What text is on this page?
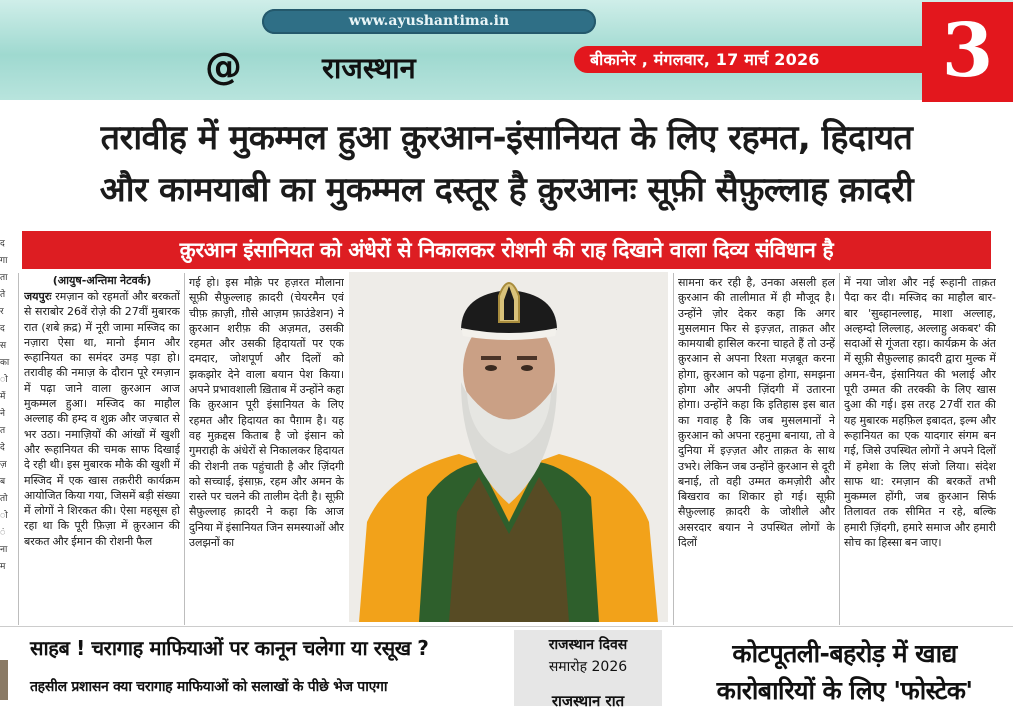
www.ayushantima.in
@	राजस्थान	बीकानेर , मंगलवार, 17 मार्च 2026 3
तरावीह में मुकम्मल हुआ क़ुरआन-इंसानियत के लिए रहमत, हिदायत
और कामयाबी का मुकम्मल दस्तूर है क़ुरआनः सूफ़ी सैफ़ुल्लाह क़ादरी
क़ुरआन इंसानियत को अंधेरों से निकालकर रोशनी की राह दिखाने वाला दिव्य संविधान है
द
गा
ता
ते
र
द
स
का
ो
में
ने
त
दे
ज़
ब
तो
ो
ं
ना
म
(आयुष-अन्तिमा नेटवर्क)
जयपुरः रमज़ान को रहमतों और बरकतों से सराबोर 26वें रोज़े की 27वीं मुबारक रात (शबे क़द्र) में नूरी जामा मस्जिद का नज़ारा ऐसा था, मानो ईमान और रूहानियत का समंदर उमड़ पड़ा हो। तरावीह की नमाज़ के दौरान पूरे रमज़ान में पढ़ा जाने वाला क़ुरआन आज मुकम्मल हुआ। मस्जिद का माहौल अल्लाह की हम्द व शुक्र और जज़्बात से भर उठा। नमाज़ियों की आंखों में खुशी और रूहानियत की चमक साफ दिखाई दे रही थी। इस मुबारक मौके की खुशी में मस्जिद में एक खास तक़रीरी कार्यक्रम आयोजित किया गया, जिसमें बड़ी संख्या में लोगों ने शिरकत की। ऐसा महसूस हो रहा था कि पूरी फ़िज़ा में क़ुरआन की बरकत और ईमान की रोशनी फैल
गई हो। इस मौक़े पर हज़रत मौलाना सूफ़ी सैफ़ुल्लाह क़ादरी (चेयरमैन एवं चीफ़ क़ाज़ी, ग़ौसे आज़म फ़ाउंडेशन) ने क़ुरआन शरीफ़ की अज़मत, उसकी रहमत और उसकी हिदायतों पर एक दमदार, जोशपूर्ण और दिलों को झकझोर देने वाला बयान पेश किया। अपने प्रभावशाली ख़िताब में उन्होंने कहा कि क़ुरआन पूरी इंसानियत के लिए रहमत और हिदायत का पैग़ाम है। यह वह मुक़द्दस किताब है जो इंसान को गुमराही के अंधेरों से निकालकर हिदायत की रोशनी तक पहुंचाती है और ज़िंदगी को सच्चाई, इंसाफ़, रहम और अमन के रास्ते पर चलने की तालीम देती है। सूफ़ी सैफ़ुल्लाह क़ादरी ने कहा कि आज दुनिया में इंसानियत जिन समस्याओं और उलझनों का
सामना कर रही है, उनका असली हल क़ुरआन की तालीमात में ही मौजूद है। उन्होंने ज़ोर देकर कहा कि अगर मुसलमान फिर से इज़्ज़त, ताक़त और कामयाबी हासिल करना चाहते हैं तो उन्हें क़ुरआन से अपना रिश्ता मज़बूत करना होगा, क़ुरआन को पढ़ना होगा, समझना होगा और अपनी ज़िंदगी में उतारना होगा। उन्होंने कहा कि इतिहास इस बात का गवाह है कि जब मुसलमानों ने क़ुरआन को अपना रहनुमा बनाया, तो वे दुनिया में इज़्ज़त और ताक़त के साथ उभरे। लेकिन जब उन्होंने क़ुरआन से दूरी बनाई, तो वही उम्मत कमज़ोरी और बिखराव का शिकार हो गई। सूफ़ी सैफ़ुल्लाह क़ादरी के जोशीले और असरदार बयान ने उपस्थित लोगों के दिलों
में नया जोश और नई रूहानी ताक़त पैदा कर दी। मस्जिद का माहौल बार-बार 'सुब्हानल्लाह, माशा अल्लाह, अल्हम्दो लिल्लाह, अल्लाहु अकबर' की सदाओं से गूंजता रहा। कार्यक्रम के अंत में सूफ़ी सैफ़ुल्लाह क़ादरी द्वारा मुल्क में अमन-चैन, इंसानियत की भलाई और पूरी उम्मत की तरक्की के लिए खास दुआ की गई। इस तरह 27वीं रात की यह मुबारक महफ़िल इबादत, इल्म और रूहानियत का एक यादगार संगम बन गई, जिसे उपस्थित लोगों ने अपने दिलों में हमेशा के लिए संजो लिया। संदेश साफ था: रमज़ान की बरकतें तभी मुकम्मल होंगी, जब क़ुरआन सिर्फ तिलावत तक सीमित न रहे, बल्कि हमारी ज़िंदगी, हमारे समाज और हमारी सोच का हिस्सा बन जाए।
साहब ! चरागाह माफियाओं पर कानून चलेगा या रसूख ?
तहसील प्रशासन क्या चरागाह माफियाओं को सलाखों के पीछे भेज पाएगा
राजस्थान दिवस
समारोह 2026
राजस्थान रात
कोटपूतली-बहरोड़ में खाद्य
कारोबारियों के लिए 'फोस्टेक'
